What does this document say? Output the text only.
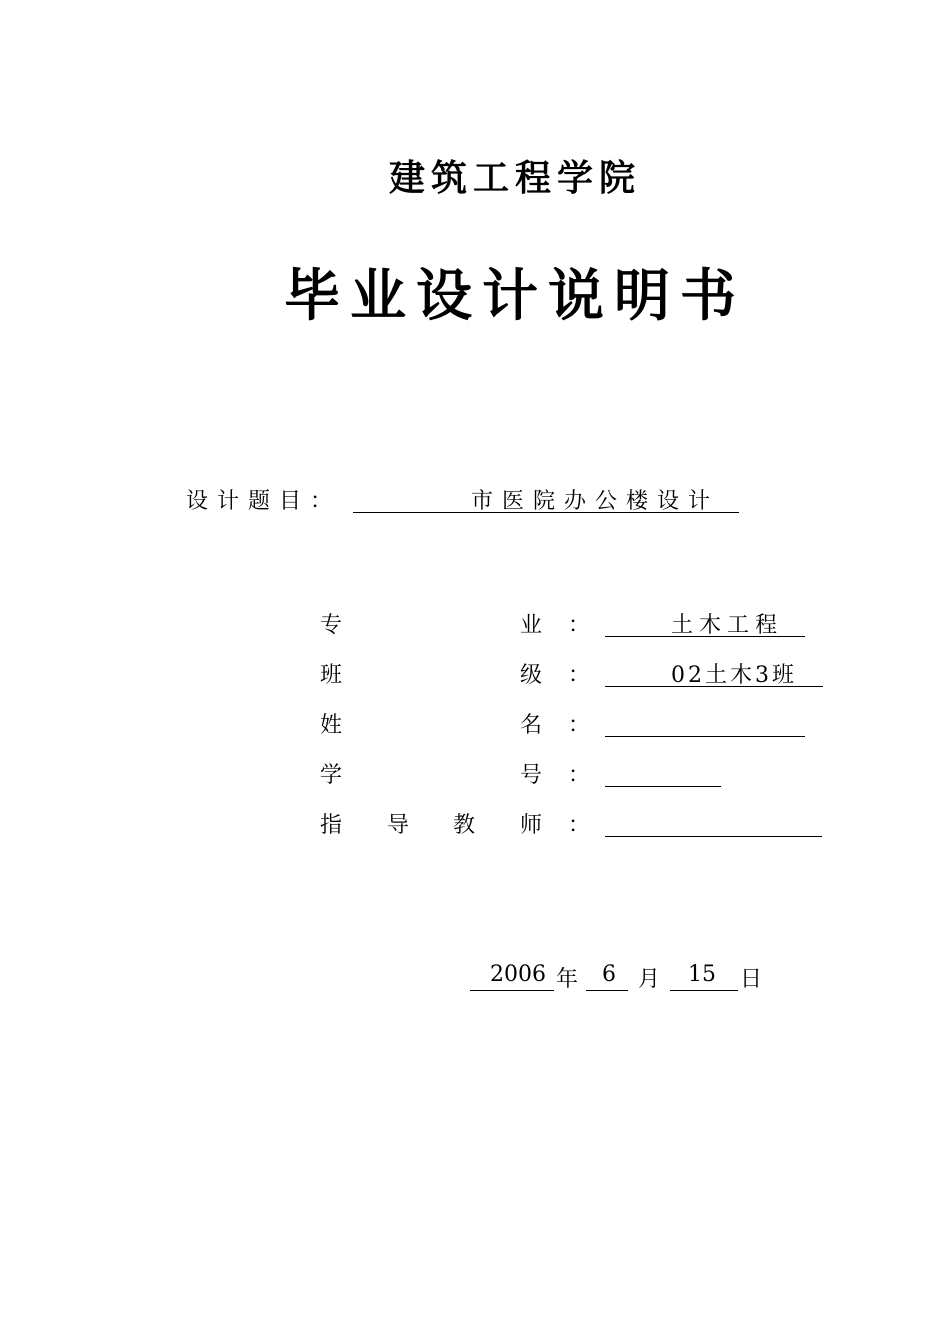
建筑工程学院
毕业设计说明书
设计题目：	市医院办公楼设计
专	业 ：	土木工程
班	级 ：	02土木3班
姓	名 ：
学	号 ：
指 导 教 师 ：
2006 年 6 月 15 日
